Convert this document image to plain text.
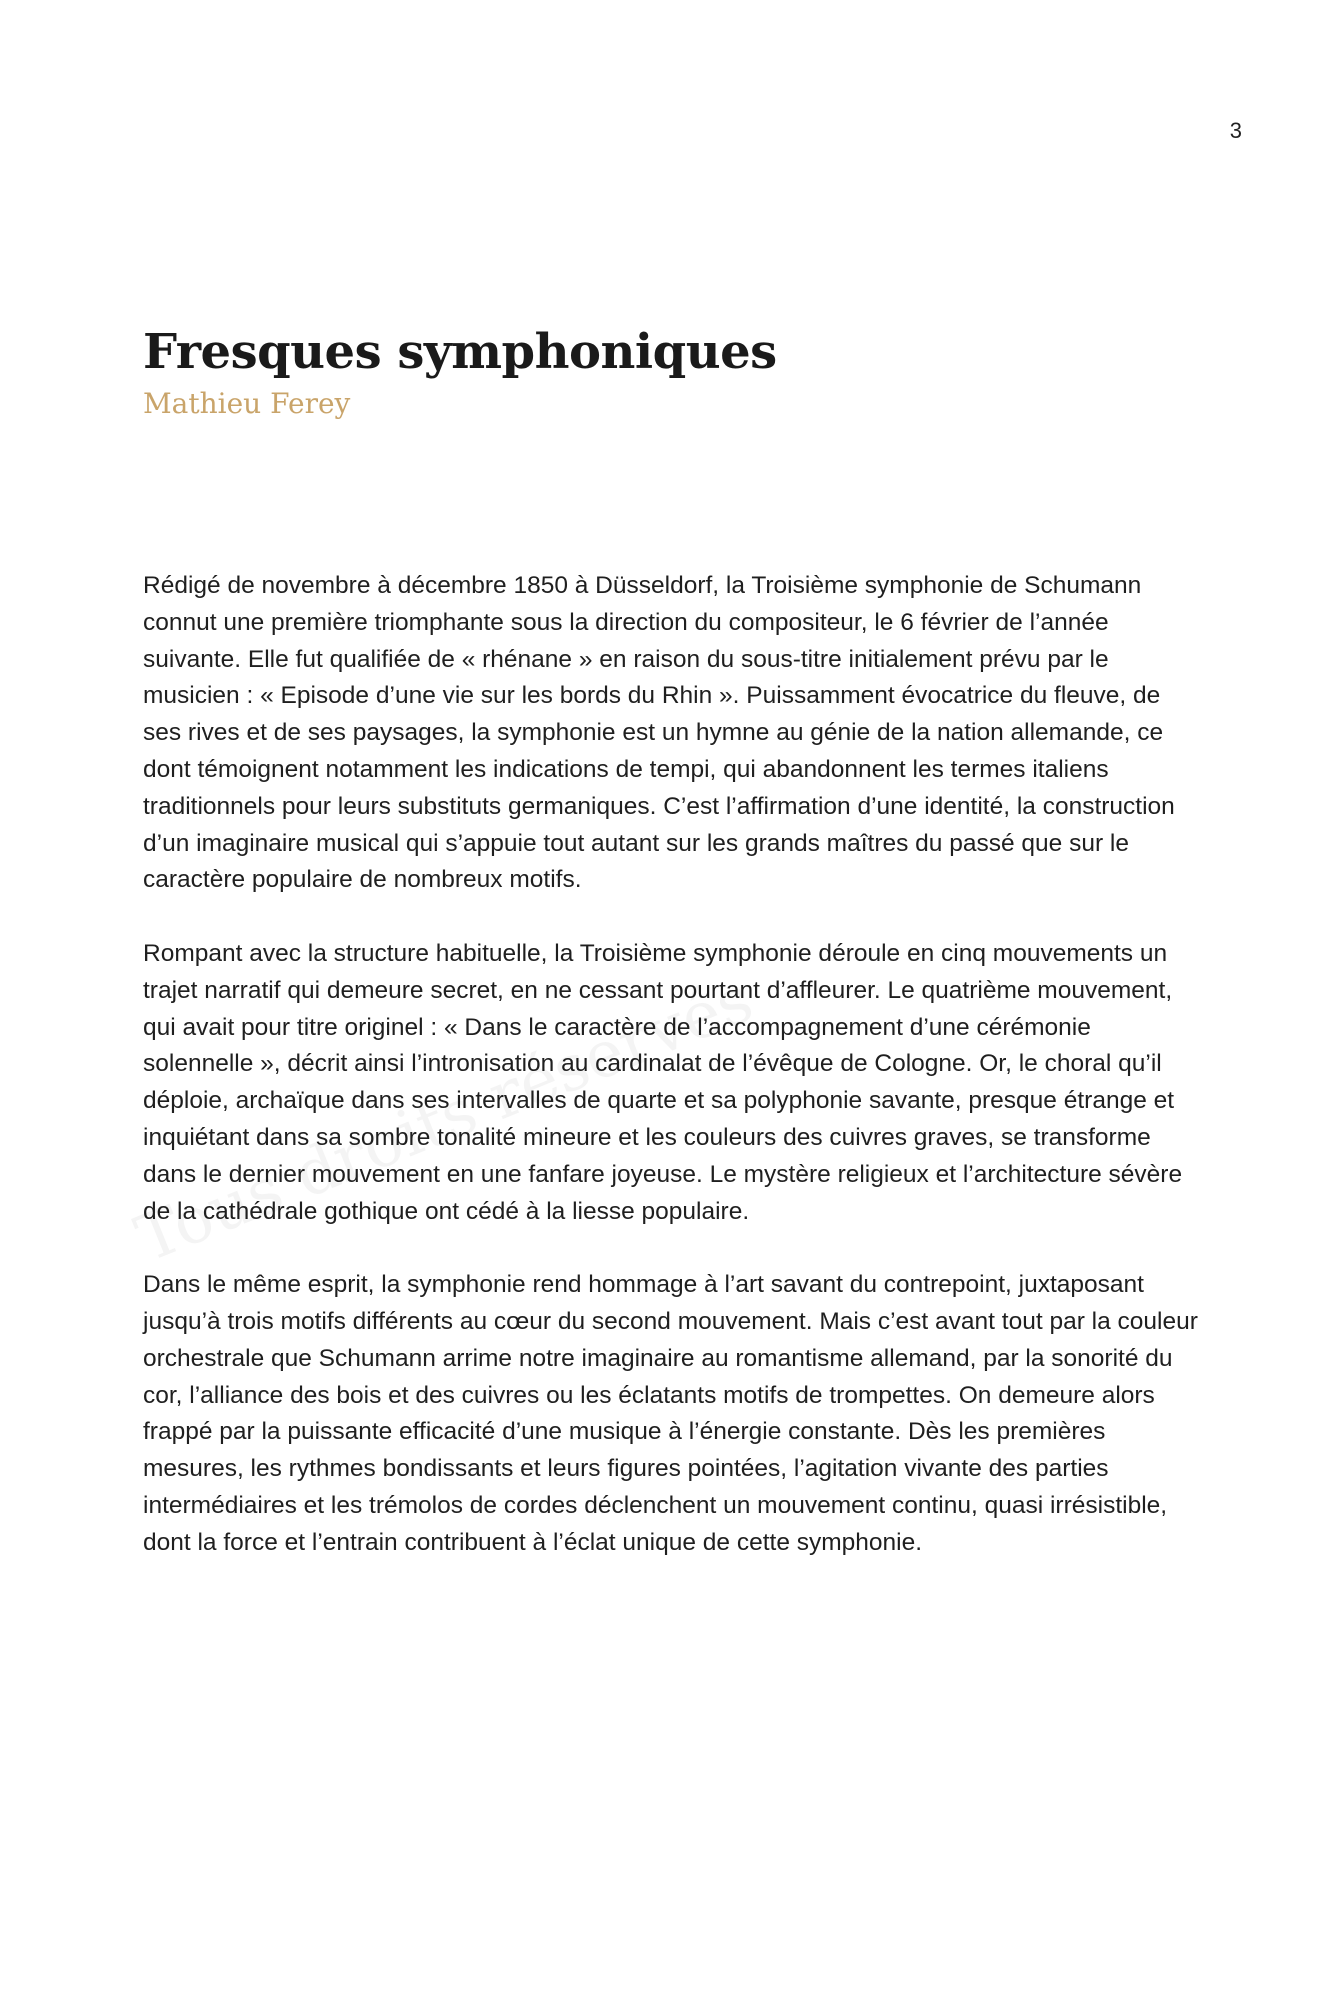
3
Fresques symphoniques

Mathieu Ferey

Rédigé de novembre à décembre 1850 à Düsseldorf, la Troisième symphonie de Schumann connut une première triomphante sous la direction du compositeur, le 6 février de l’année suivante. Elle fut qualifiée de « rhénane » en raison du sous-titre initialement prévu par le musicien : « Episode d’une vie sur les bords du Rhin ». Puissamment évocatrice du fleuve, de ses rives et de ses paysages, la symphonie est un hymne au génie de la nation allemande, ce dont témoignent notamment les indications de tempi, qui abandonnent les termes italiens traditionnels pour leurs substituts germaniques. C’est l’affirmation d’une identité, la construction d’un imaginaire musical qui s’appuie tout autant sur les grands maîtres du passé que sur le caractère populaire de nombreux motifs.

Rompant avec la structure habituelle, la Troisième symphonie déroule en cinq mouvements un trajet narratif qui demeure secret, en ne cessant pourtant d’affleurer. Le quatrième mouvement, qui avait pour titre originel : « Dans le caractère de l’accompagnement d’une cérémonie solennelle », décrit ainsi l’intronisation au cardinalat de l’évêque de Cologne. Or, le choral qu’il déploie, archaïque dans ses intervalles de quarte et sa polyphonie savante, presque étrange et inquiétant dans sa sombre tonalité mineure et les couleurs des cuivres graves, se transforme dans le dernier mouvement en une fanfare joyeuse. Le mystère religieux et l’architecture sévère de la cathédrale gothique ont cédé à la liesse populaire.

Dans le même esprit, la symphonie rend hommage à l’art savant du contrepoint, juxtaposant jusqu’à trois motifs différents au cœur du second mouvement. Mais c’est avant tout par la couleur orchestrale que Schumann arrime notre imaginaire au romantisme allemand, par la sonorité du cor, l’alliance des bois et des cuivres ou les éclatants motifs de trompettes. On demeure alors frappé par la puissante efficacité d’une musique à l’énergie constante. Dès les premières mesures, les rythmes bondissants et leurs figures pointées, l’agitation vivante des parties intermédiaires et les trémolos de cordes déclenchent un mouvement continu, quasi irrésistible, dont la force et l’entrain contribuent à l’éclat unique de cette symphonie.
